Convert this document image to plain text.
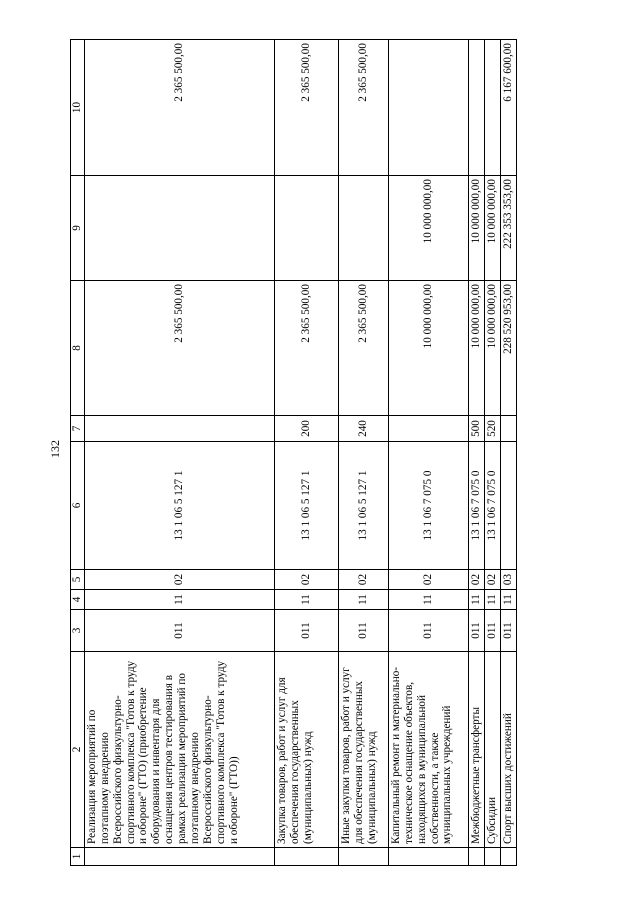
132
1	2	3	4	5	6	7	8	9	10
	Реализация мероприятий по поэтапному внедрению Всероссийского физкультурно-спортивного комплекса "Готов к труду и обороне" (ГТО) (приобретение оборудования и инвентаря для оснащения центров тестирования в рамках реализации мероприятий по поэтапному внедрению Всероссийского физкультурно-спортивного комплекса "Готов к труду и обороне" (ГТО))	011	11	02	13 1 06 5 127 1		2 365 500,00		2 365 500,00
	Закупка товаров, работ и услуг для обеспечения государственных (муниципальных) нужд	011	11	02	13 1 06 5 127 1	200	2 365 500,00		2 365 500,00
	Иные закупки товаров, работ и услуг для обеспечения государственных (муниципальных) нужд	011	11	02	13 1 06 5 127 1	240	2 365 500,00		2 365 500,00
	Капитальный ремонт и материально-техническое оснащение объектов, находящихся в муниципальной собственности, а также муниципальных учреждений	011	11	02	13 1 06 7 075 0		10 000 000,00	10 000 000,00	
	Межбюджетные трансферты	011	11	02	13 1 06 7 075 0	500	10 000 000,00	10 000 000,00	
	Субсидии	011	11	02	13 1 06 7 075 0	520	10 000 000,00	10 000 000,00	
	Спорт высших достижений	011	11	03			228 520 953,00	222 353 353,00	6 167 600,00
